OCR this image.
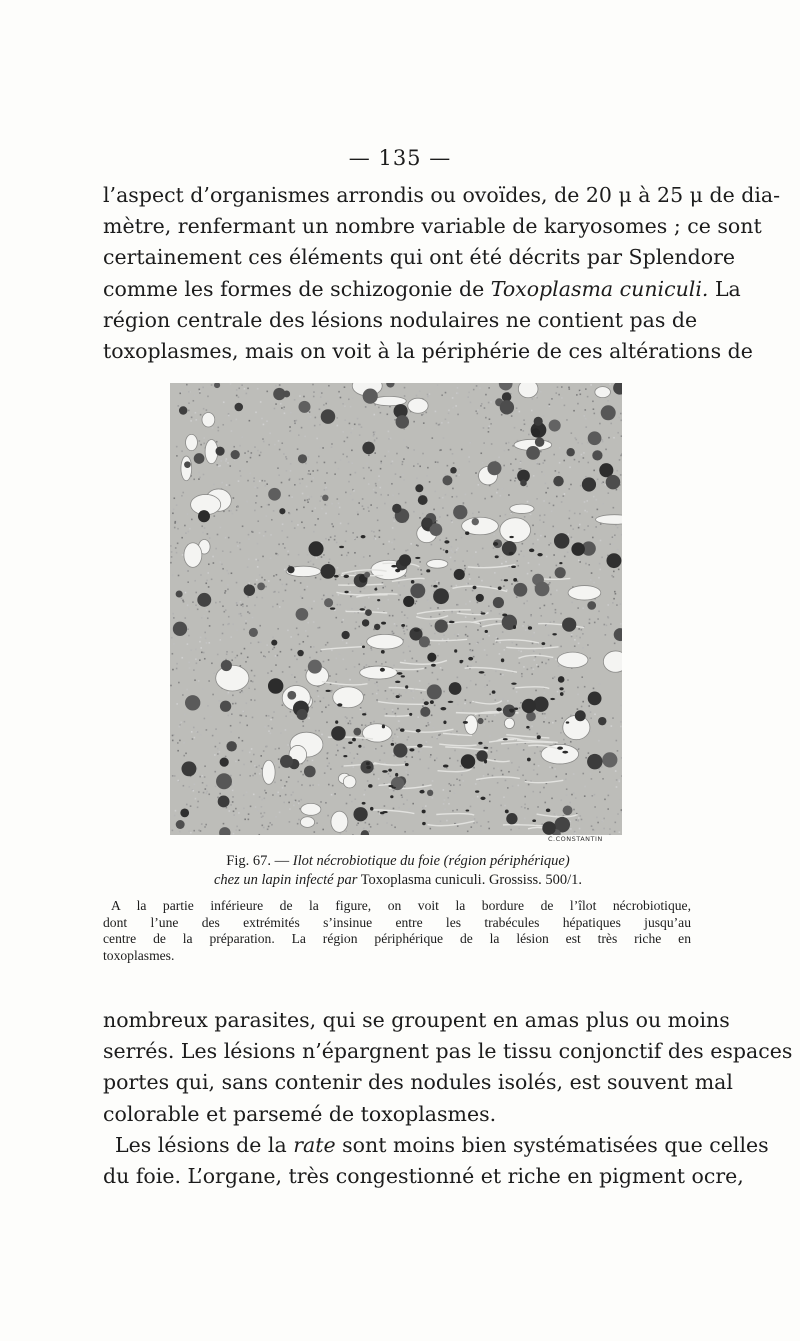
— 135 —

l’aspect d’organismes arrondis ou ovoïdes, de 20 μ à 25 μ de dia-
mètre, renfermant un nombre variable de karyosomes ; ce sont
certainement ces éléments qui ont été décrits par Splendore
comme les formes de schizogonie de Toxoplasma cuniculi. La
région centrale des lésions nodulaires ne contient pas de
toxoplasmes, mais on voit à la périphérie de ces altérations de

C.CONSTANTIN
Fig. 67. — Ilot nécrobiotique du foie (région périphérique)
chez un lapin infecté par Toxoplasma cuniculi. Grossiss. 500/1.
A la partie inférieure de la figure, on voit la bordure de l’îlot nécrobiotique,
dont l’une des extrémités s’insinue entre les trabécules hépatiques jusqu’au
centre de la préparation. La région périphérique de la lésion est très riche en
toxoplasmes.

nombreux parasites, qui se groupent en amas plus ou moins
serrés. Les lésions n’épargnent pas le tissu conjonctif des espaces
portes qui, sans contenir des nodules isolés, est souvent mal
colorable et parsemé de toxoplasmes.

Les lésions de la rate sont moins bien systématisées que celles
du foie. L’organe, très congestionné et riche en pigment ocre,
